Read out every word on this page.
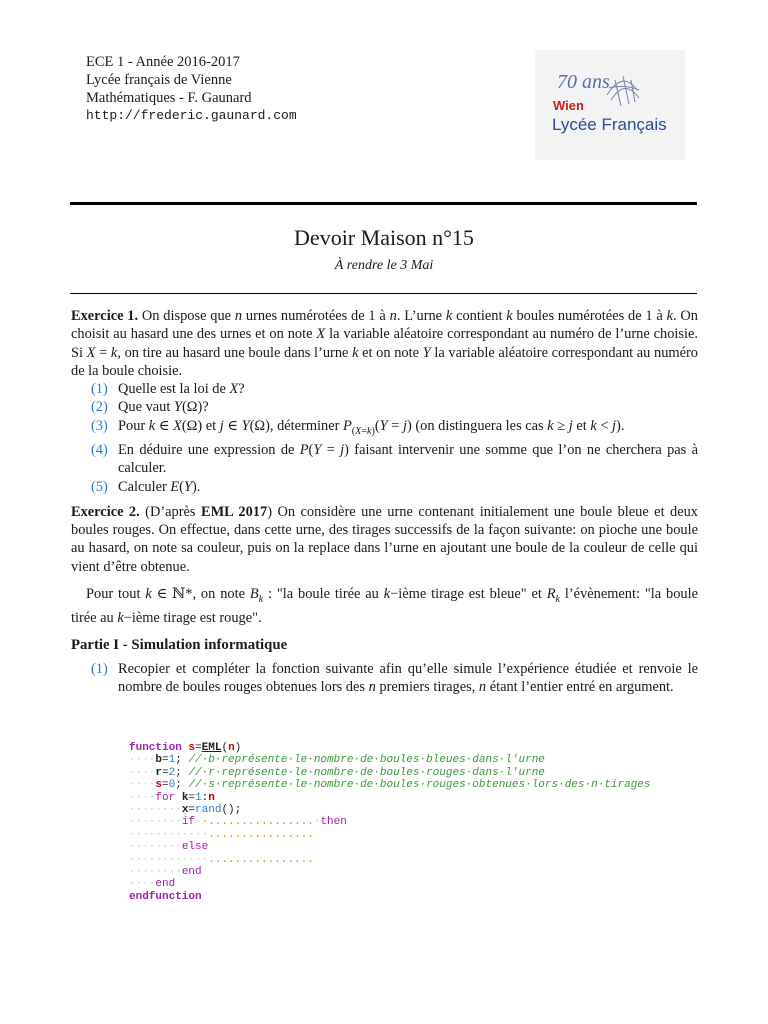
ECE 1 - Année 2016-2017
Lycée français de Vienne
Mathématiques - F. Gaunard
http://frederic.gaunard.com
70 ans
Wien
Lycée Français
Devoir Maison n°15
À rendre le 3 Mai

Exercice 1. On dispose que n urnes numérotées de 1 à n. L’urne k contient k boules numérotées de 1 à k. On choisit au hasard une des urnes et on note X la variable aléatoire correspondant au numéro de l’urne choisie. Si X = k, on tire au hasard une boule dans l’urne k et on note Y la variable aléatoire correspondant au numéro de la boule choisie.

(1) Quelle est la loi de X?
(2) Que vaut Y(Ω)?
(3) Pour k ∈ X(Ω) et j ∈ Y(Ω), déterminer $P_{(X=k)}(Y = j)$ (on distinguera les cas k ≥ j et k < j).
(4) En déduire une expression de P(Y = j) faisant intervenir une somme que l’on ne cherchera pas à calculer.
(5) Calculer E(Y).

Exercice 2. (D’après EML 2017) On considère une urne contenant initialement une boule bleue et deux boules rouges. On effectue, dans cette urne, des tirages successifs de la façon suivante: on pioche une boule au hasard, on note sa couleur, puis on la replace dans l’urne en ajoutant une boule de la couleur de celle qui vient d’être obtenue.

Pour tout k ∈ ℕ*, on note $B_k$ : "la boule tirée au k−ième tirage est bleue" et $R_k$ l’évènement: "la boule tirée au k−ième tirage est rouge".

Partie I - Simulation informatique

(1) Recopier et compléter la fonction suivante afin qu’elle simule l’expérience étudiée et renvoie le nombre de boules rouges obtenues lors des n premiers tirages, n étant l’entier entré en argument.
function s=EML(n)
····b=1; //·b·représente·le·nombre·de·boules·bleues·dans·l'urne
····r=2; //·r·représente·le·nombre·de·boules·rouges·dans·l'urne
····s=0; //·s·représente·le·nombre·de·boules·rouges·obtenues·lors·des·n·tirages
····for k=1:n
········x=rand();
········if··................·then
············................
········else
············................
········end
····end
endfunction
